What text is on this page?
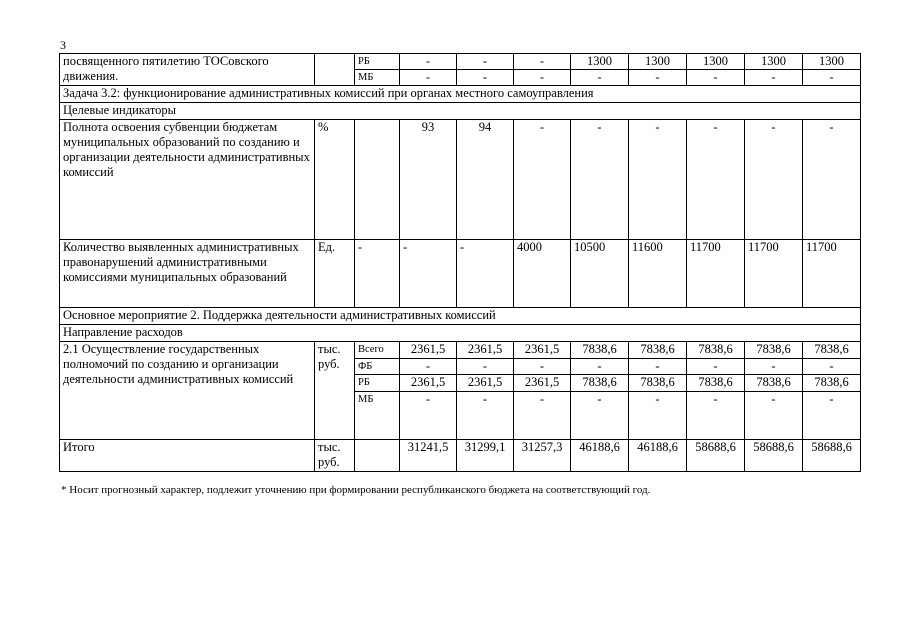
3
посвященного пятилетию ТОСовского движения.		РБ	-	-	-	1300	1300	1300	1300	1300
		МБ	-	-	-	-	-	-	-	-
Задача 3.2: функционирование административных комиссий при органах местного самоуправления										
Целевые индикаторы										
Полнота освоения субвенции бюджетам муниципальных образований по созданию и организации деятельности административных комиссий	%		93	94	-	-	-	-	-	-
Количество выявленных административных правонарушений административными комиссиями муниципальных образований	Ед.	-	-	-	4000	10500	11600	11700	11700	11700
Основное мероприятие 2. Поддержка деятельности административных комиссий										
Направление расходов										
2.1 Осуществление государственных полномочий по созданию и организации деятельности административных комиссий	тыс. руб.	Всего	2361,5	2361,5	2361,5	7838,6	7838,6	7838,6	7838,6	7838,6
		ФБ	-	-	-	-	-	-	-	-
		РБ	2361,5	2361,5	2361,5	7838,6	7838,6	7838,6	7838,6	7838,6
		МБ	-	-	-	-	-	-	-	-
Итого	тыс. руб.		31241,5	31299,1	31257,3	46188,6	46188,6	58688,6	58688,6	58688,6
* Носит прогнозный характер, подлежит уточнению при формировании республиканского бюджета на соответствующий год.
